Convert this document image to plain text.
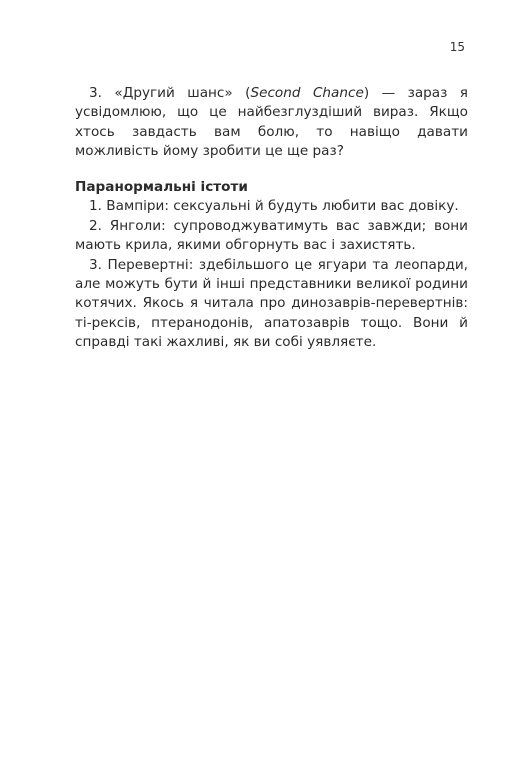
15

3. «Другий шанс» (Second Chance) — зараз я усвідомлюю, що це найбезглуздіший вираз. Якщо хтось завдасть вам болю, то навіщо давати можливість йому зробити це ще раз?

Паранормальні істоти

1. Вампіри: сексуальні й будуть любити вас довіку.

2. Янголи: супроводжуватимуть вас завжди; вони мають крила, якими обгорнуть вас і захистять.

3. Перевертні: здебільшого це ягуари та леопарди, але можуть бути й інші представники великої родини котячих. Якось я читала про динозаврів-перевертнів: ті-рексів, птеранодонів, апатозаврів тощо. Вони й справді такі жахливі, як ви собі уявляєте.
